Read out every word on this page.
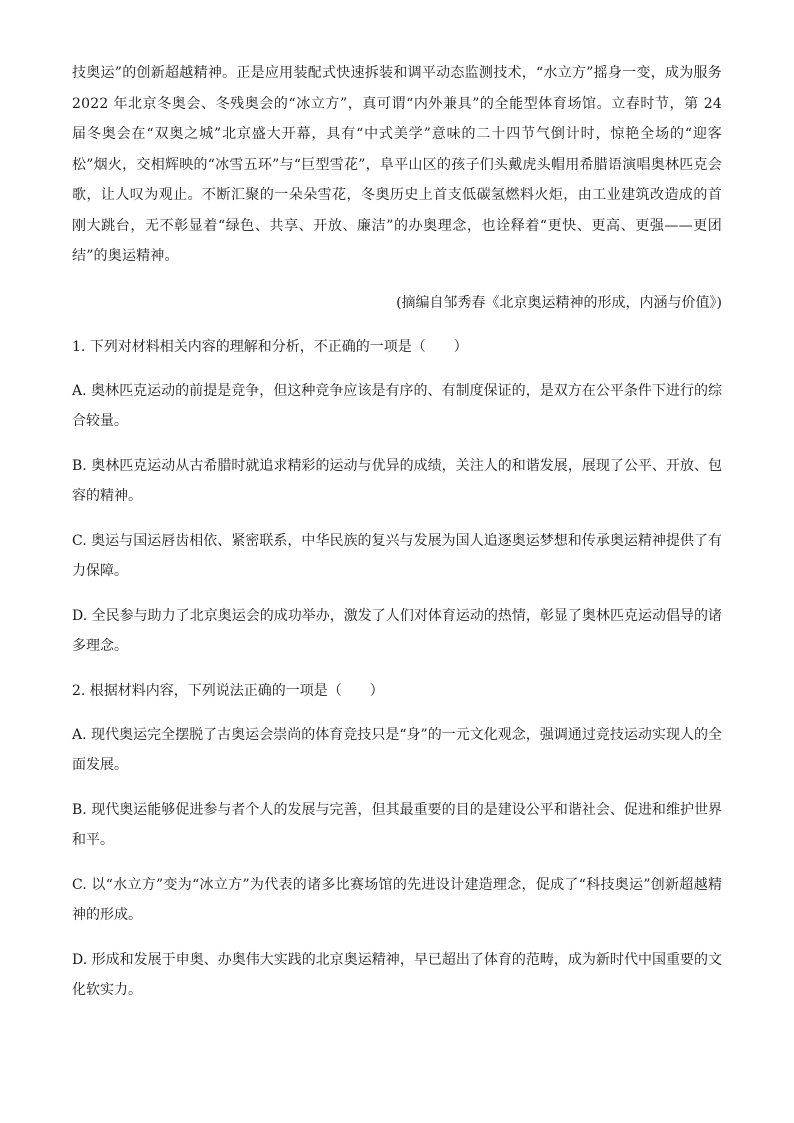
技奥运”的创新超越精神。正是应用装配式快速拆装和调平动态监测技术，“水立方”摇身一变，成为服务 2022 年北京冬奥会、冬残奥会的“冰立方”，真可谓“内外兼具”的全能型体育场馆。立春时节，第 24 届冬奥会在“双奥之城”北京盛大开幕，具有“中式美学”意味的二十四节气倒计时，惊艳全场的“迎客松”烟火，交相辉映的“冰雪五环”与“巨型雪花”，阜平山区的孩子们头戴虎头帽用希腊语演唱奥林匹克会歌，让人叹为观止。不断汇聚的一朵朵雪花，冬奥历史上首支低碳氢燃料火炬，由工业建筑改造成的首刚大跳台，无不彰显着“绿色、共享、开放、廉洁”的办奥理念，也诠释着“更快、更高、更强——更团结”的奥运精神。

(摘编自邹秀春《北京奥运精神的形成，内涵与价值》)

1. 下列对材料相关内容的理解和分析，不正确的一项是（　　）

A. 奥林匹克运动的前提是竞争，但这种竞争应该是有序的、有制度保证的，是双方在公平条件下进行的综合较量。

B. 奥林匹克运动从古希腊时就追求精彩的运动与优异的成绩，关注人的和谐发展，展现了公平、开放、包容的精神。

C. 奥运与国运唇齿相依、紧密联系，中华民族的复兴与发展为国人追逐奥运梦想和传承奥运精神提供了有力保障。

D. 全民参与助力了北京奥运会的成功举办，激发了人们对体育运动的热情，彰显了奥林匹克运动倡导的诸多理念。

2. 根据材料内容，下列说法正确的一项是（　　）

A. 现代奥运完全摆脱了古奥运会崇尚的体育竞技只是“身”的一元文化观念，强调通过竞技运动实现人的全面发展。

B. 现代奥运能够促进参与者个人的发展与完善，但其最重要的目的是建设公平和谐社会、促进和维护世界和平。

C. 以“水立方”变为“冰立方”为代表的诸多比赛场馆的先进设计建造理念，促成了“科技奥运”创新超越精神的形成。

D. 形成和发展于申奥、办奥伟大实践的北京奥运精神，早已超出了体育的范畴，成为新时代中国重要的文化软实力。
